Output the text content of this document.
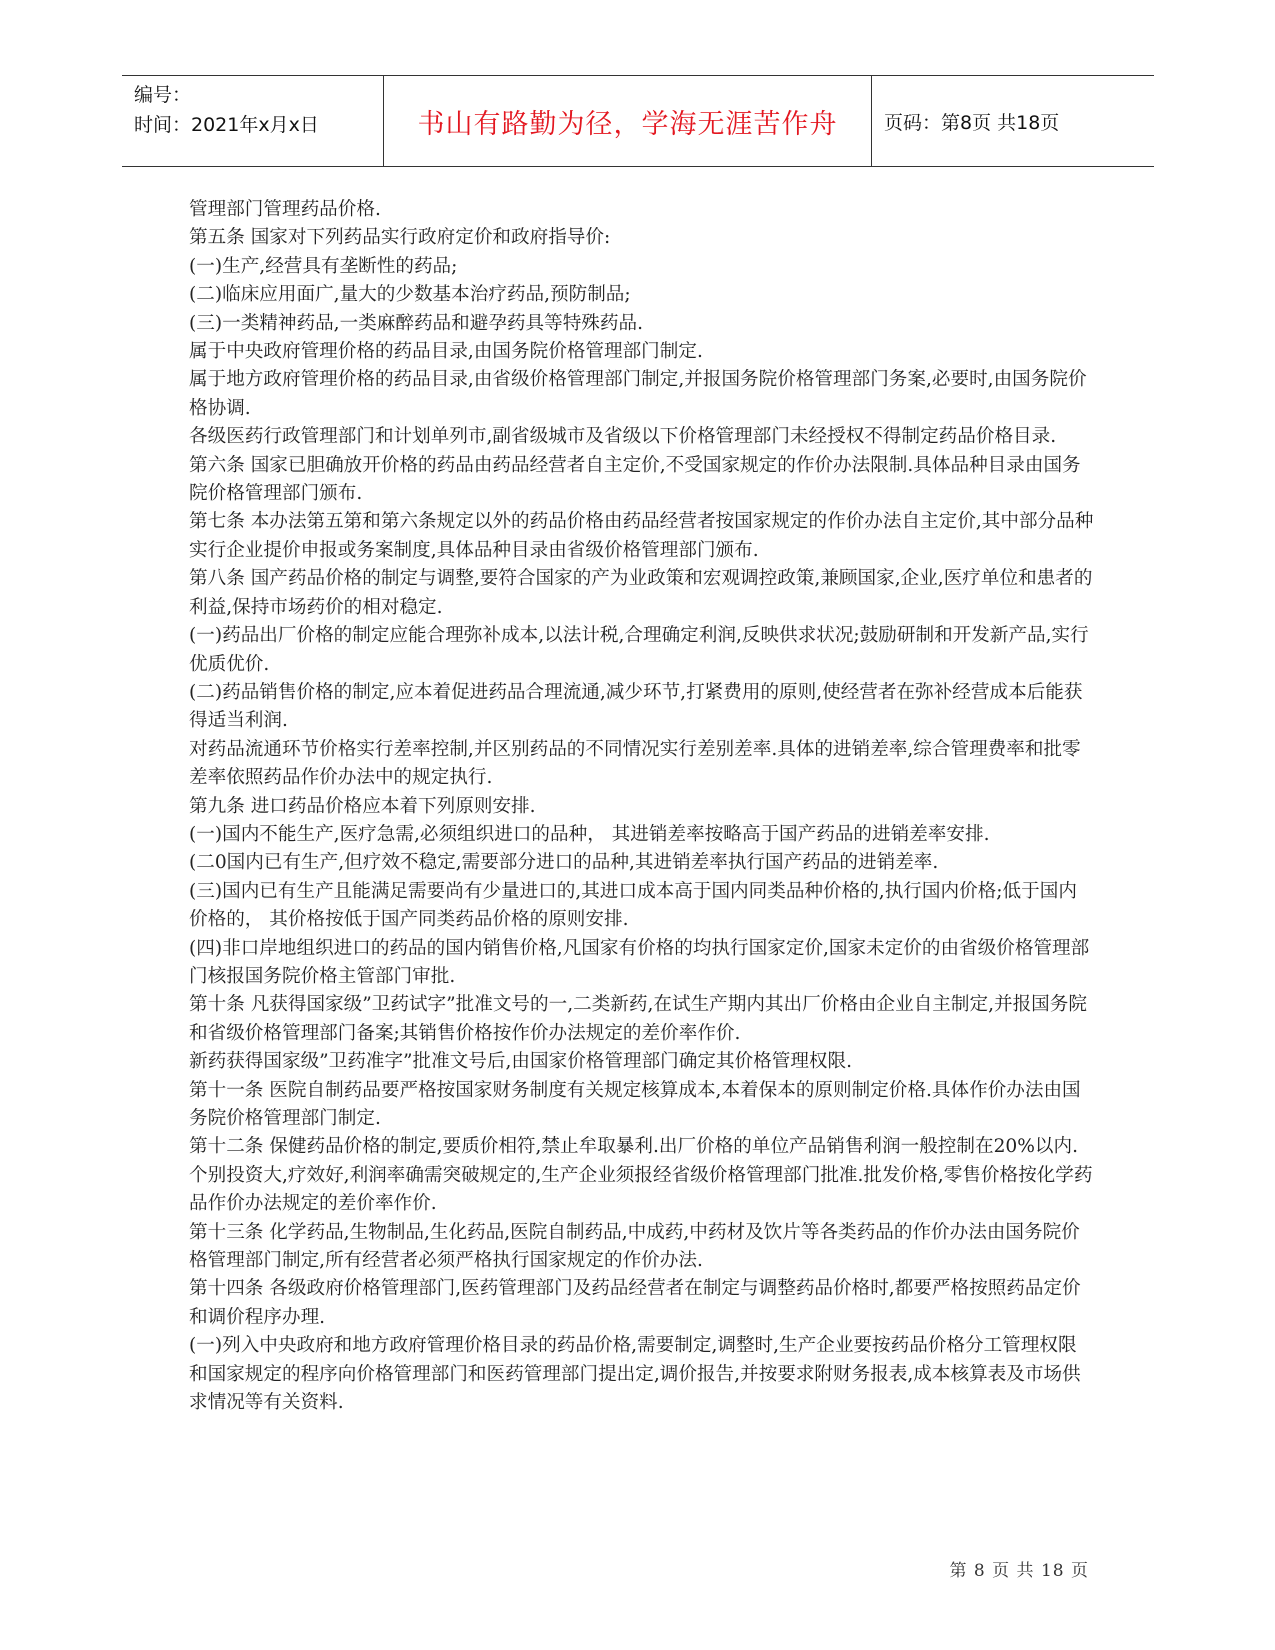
编号：
时间：2021年x月x日	书山有路勤为径，学海无涯苦作舟	页码：第8页 共18页

管理部门管理药品价格.

第五条 国家对下列药品实行政府定价和政府指导价:

(一)生产,经营具有垄断性的药品;

(二)临床应用面广,量大的少数基本治疗药品,预防制品;

(三)一类精神药品,一类麻醉药品和避孕药具等特殊药品.

属于中央政府管理价格的药品目录,由国务院价格管理部门制定.

属于地方政府管理价格的药品目录,由省级价格管理部门制定,并报国务院价格管理部门务案,必要时,由国务院价格协调.

各级医药行政管理部门和计划单列市,副省级城市及省级以下价格管理部门未经授权不得制定药品价格目录.

第六条 国家已胆确放开价格的药品由药品经营者自主定价,不受国家规定的作价办法限制.具体品种目录由国务院价格管理部门颁布.

第七条 本办法第五第和第六条规定以外的药品价格由药品经营者按国家规定的作价办法自主定价,其中部分品种实行企业提价申报或务案制度,具体品种目录由省级价格管理部门颁布.

第八条 国产药品价格的制定与调整,要符合国家的产为业政策和宏观调控政策,兼顾国家,企业,医疗单位和患者的利益,保持市场药价的相对稳定.

(一)药品出厂价格的制定应能合理弥补成本,以法计税,合理确定利润,反映供求状况;鼓励研制和开发新产品,实行优质优价.

(二)药品销售价格的制定,应本着促进药品合理流通,减少环节,打紧费用的原则,使经营者在弥补经营成本后能获得适当利润.

对药品流通环节价格实行差率控制,并区别药品的不同情况实行差别差率.具体的进销差率,综合管理费率和批零 差率依照药品作价办法中的规定执行.

第九条 进口药品价格应本着下列原则安排.

(一)国内不能生产,医疗急需,必须组织进口的品种， 其进销差率按略高于国产药品的进销差率安排.

(二0国内已有生产,但疗效不稳定,需要部分进口的品种,其进销差率执行国产药品的进销差率.

(三)国内已有生产且能满足需要尚有少量进口的,其进口成本高于国内同类品种价格的,执行国内价格;低于国内价格的， 其价格按低于国产同类药品价格的原则安排.

(四)非口岸地组织进口的药品的国内销售价格,凡国家有价格的均执行国家定价,国家未定价的由省级价格管理部门核报国务院价格主管部门审批.

第十条 凡获得国家级”卫药试字”批准文号的一,二类新药,在试生产期内其出厂价格由企业自主制定,并报国务院和省级价格管理部门备案;其销售价格按作价办法规定的差价率作价.

新药获得国家级”卫药准字”批准文号后,由国家价格管理部门确定其价格管理权限.

第十一条 医院自制药品要严格按国家财务制度有关规定核算成本,本着保本的原则制定价格.具体作价办法由国务院价格管理部门制定.

第十二条 保健药品价格的制定,要质价相符,禁止牟取暴利.出厂价格的单位产品销售利润一般控制在20%以内.个别投资大,疗效好,利润率确需突破规定的,生产企业须报经省级价格管理部门批准.批发价格,零售价格按化学药品作价办法规定的差价率作价.

第十三条 化学药品,生物制品,生化药品,医院自制药品,中成药,中药材及饮片等各类药品的作价办法由国务院价格管理部门制定,所有经营者必须严格执行国家规定的作价办法.

第十四条 各级政府价格管理部门,医药管理部门及药品经营者在制定与调整药品价格时,都要严格按照药品定价和调价程序办理.

(一)列入中央政府和地方政府管理价格目录的药品价格,需要制定,调整时,生产企业要按药品价格分工管理权限和国家规定的程序向价格管理部门和医药管理部门提出定,调价报告,并按要求附财务报表,成本核算表及市场供求情况等有关资料.

第 8 页 共 18 页
